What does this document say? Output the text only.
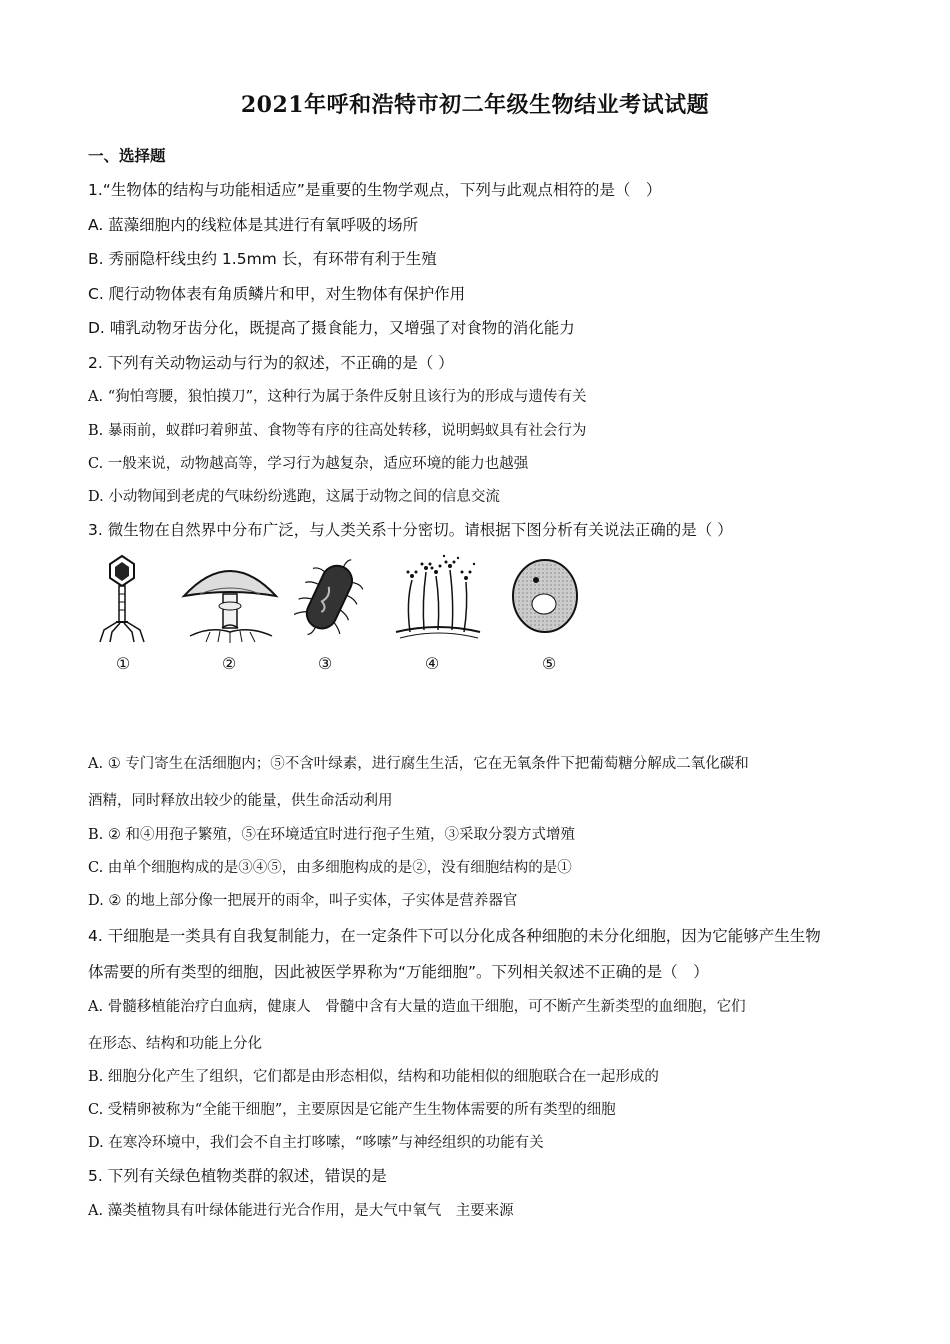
2021年呼和浩特市初二年级生物结业考试试题
一、选择题
1.“生物体的结构与功能相适应”是重要的生物学观点，下列与此观点相符的是（　）
A. 蓝藻细胞内的线粒体是其进行有氧呼吸的场所
B. 秀丽隐杆线虫约 1.5mm 长，有环带有利于生殖
C. 爬行动物体表有角质鳞片和甲，对生物体有保护作用
D. 哺乳动物牙齿分化，既提高了摄食能力，又增强了对食物的消化能力
2. 下列有关动物运动与行为的叙述，不正确的是（ ）
A. “狗怕弯腰，狼怕摸刀”，这种行为属于条件反射且该行为的形成与遗传有关
B. 暴雨前，蚁群叼着卵茧、食物等有序的往高处转移，说明蚂蚁具有社会行为
C. 一般来说，动物越高等，学习行为越复杂，适应环境的能力也越强
D. 小动物闻到老虎的气味纷纷逃跑，这属于动物之间的信息交流
3. 微生物在自然界中分布广泛，与人类关系十分密切。请根据下图分析有关说法正确的是（ ）
①	②	③	④	⑤
A. ① 专门寄生在活细胞内；⑤不含叶绿素，进行腐生生活，它在无氧条件下把葡萄糖分解成二氧化碳和
酒精，同时释放出较少的能量，供生命活动利用
B. ② 和④用孢子繁殖，⑤在环境适宜时进行孢子生殖，③采取分裂方式增殖
C. 由单个细胞构成的是③④⑤，由多细胞构成的是②，没有细胞结构的是①
D. ② 的地上部分像一把展开的雨伞，叫子实体，子实体是营养器官
4. 干细胞是一类具有自我复制能力，在一定条件下可以分化成各种细胞的未分化细胞，因为它能够产生生物
体需要的所有类型的细胞，因此被医学界称为“万能细胞”。下列相关叙述不正确的是（　）
A. 骨髓移植能治疗白血病，健康人　骨髓中含有大量的造血干细胞，可不断产生新类型的血细胞，它们
在形态、结构和功能上分化
B. 细胞分化产生了组织，它们都是由形态相似，结构和功能相似的细胞联合在一起形成的
C. 受精卵被称为“全能干细胞”，主要原因是它能产生生物体需要的所有类型的细胞
D. 在寒冷环境中，我们会不自主打哆嗦，“哆嗦”与神经组织的功能有关
5. 下列有关绿色植物类群的叙述，错误的是
A. 藻类植物具有叶绿体能进行光合作用，是大气中氧气　主要来源
